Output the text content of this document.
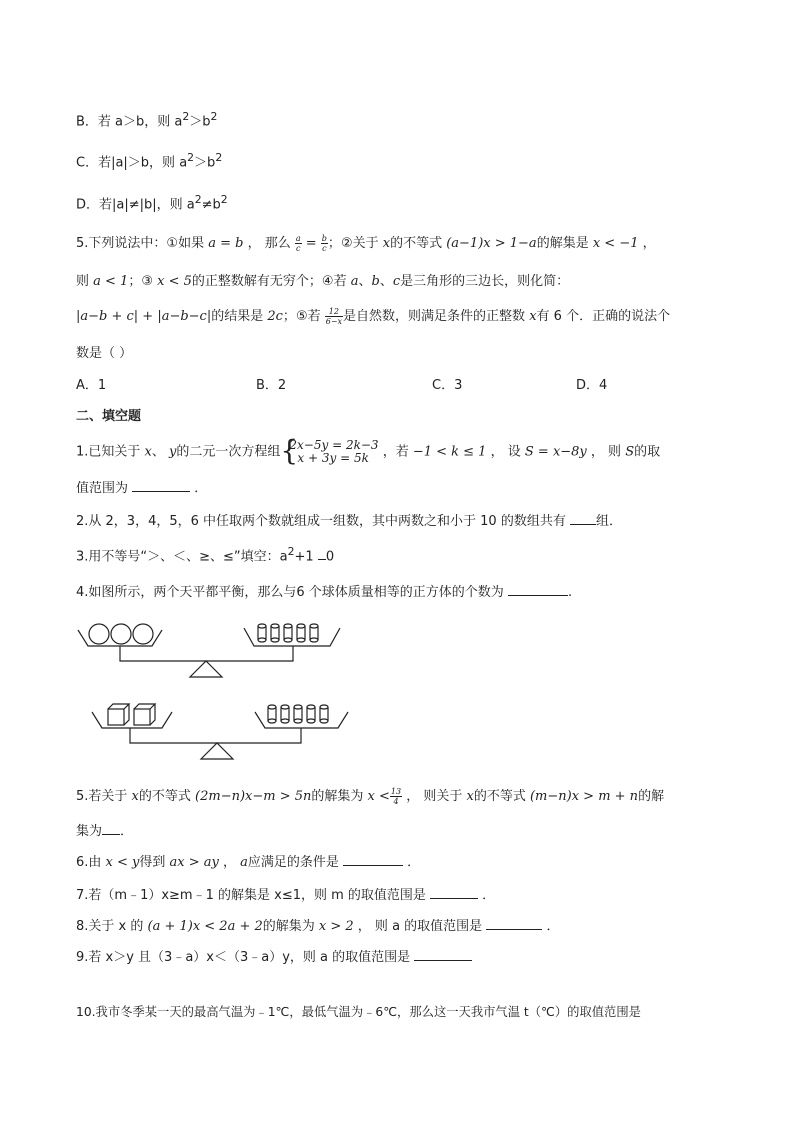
B．若 a＞b，则 $a^2>b^2$
C．若|a|＞b，则 $a^2>b^2$
D．若|a|≠|b|，则 $a^2\ne b^2$
5.下列说法中：①如果 a = b ， 那么 $\frac{a}{c} = \frac{b}{c}$ ；②关于 x的不等式 (a−1)x > 1−a的解集是 x < −1 ，
则 a < 1；③ x < 5的正整数解有无穷个；④若 a、b、c是三角形的三边长，则化简：
|a−b + c| + |a−b−c|的结果是 2c；⑤若 $\frac{12}{6-x}$ 是自然数，则满足条件的正整数 x有 6 个．正确的说法个
数是（ ）
A．1	B．2	C．3	D．4
二、填空题
1.已知关于 x、 y的二元一次方程组 {
2x−5y = 2k−3
x + 3y = 5k ，若 −1 < k ≤ 1 ， 设 S = x−8y ， 则 S的取
值范围为	．
2.从 2，3，4，5，6 中任取两个数就组成一组数，其中两数之和小于 10 的数组共有 组．
3.用不等号“＞、＜、≥、≤”填空：$a^2+1$ 0
4.如图所示，两个天平都平衡，那么与6 个球体质量相等的正方体的个数为	.
5.若关于 x的不等式 (2m−n)x−m > 5n的解集为 $x < \frac{13}{4}$ ， 则关于 x的不等式 (m−n)x > m + n的解
集为 ．
6.由 x < y得到 ax > ay ， a应满足的条件是	．
7.若（m﹣1）x≥m﹣1 的解集是 x≤1，则 m 的取值范围是	．
8.关于 x 的 (a + 1)x < 2a + 2的解集为 x > 2 ， 则 a 的取值范围是	．
9.若 x＞y 且（3﹣a）x＜（3﹣a）y，则 a 的取值范围是
10.我市冬季某一天的最高气温为﹣1℃，最低气温为﹣6℃，那么这一天我市气温 t（℃）的取值范围是
